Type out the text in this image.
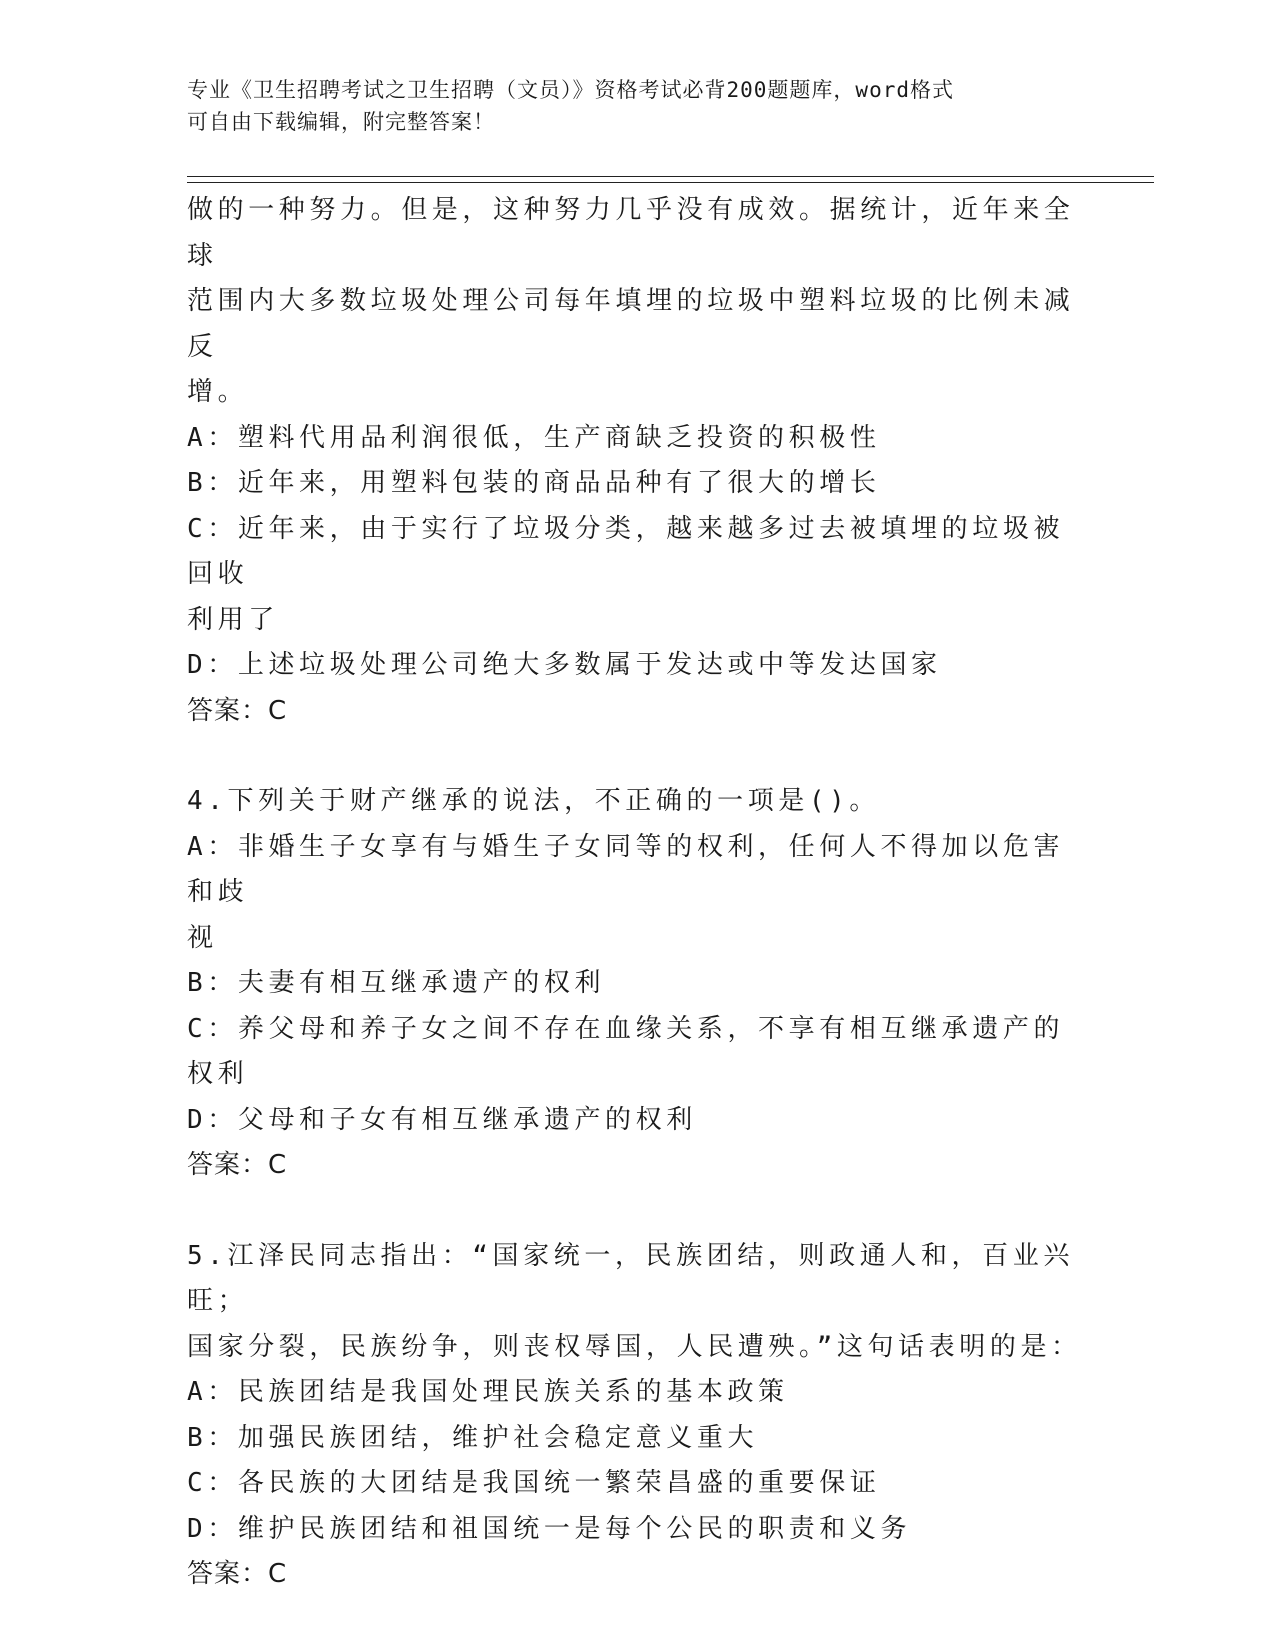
专业《卫生招聘考试之卫生招聘（文员）》资格考试必背200题题库，word格式
可自由下载编辑，附完整答案！

做的一种努力。但是，这种努力几乎没有成效。据统计，近年来全球

范围内大多数垃圾处理公司每年填埋的垃圾中塑料垃圾的比例未减反

增。

A：塑料代用品利润很低，生产商缺乏投资的积极性

B：近年来，用塑料包装的商品品种有了很大的增长

C：近年来，由于实行了垃圾分类，越来越多过去被填埋的垃圾被回收

利用了

D：上述垃圾处理公司绝大多数属于发达或中等发达国家

答案：C

4.下列关于财产继承的说法，不正确的一项是()。

A：非婚生子女享有与婚生子女同等的权利，任何人不得加以危害和歧

视

B：夫妻有相互继承遗产的权利

C：养父母和养子女之间不存在血缘关系，不享有相互继承遗产的权利

D：父母和子女有相互继承遗产的权利

答案：C

5.江泽民同志指出：“国家统一，民族团结，则政通人和，百业兴旺；

国家分裂，民族纷争，则丧权辱国，人民遭殃。”这句话表明的是：

A：民族团结是我国处理民族关系的基本政策

B：加强民族团结，维护社会稳定意义重大

C：各民族的大团结是我国统一繁荣昌盛的重要保证

D：维护民族团结和祖国统一是每个公民的职责和义务

答案：C
